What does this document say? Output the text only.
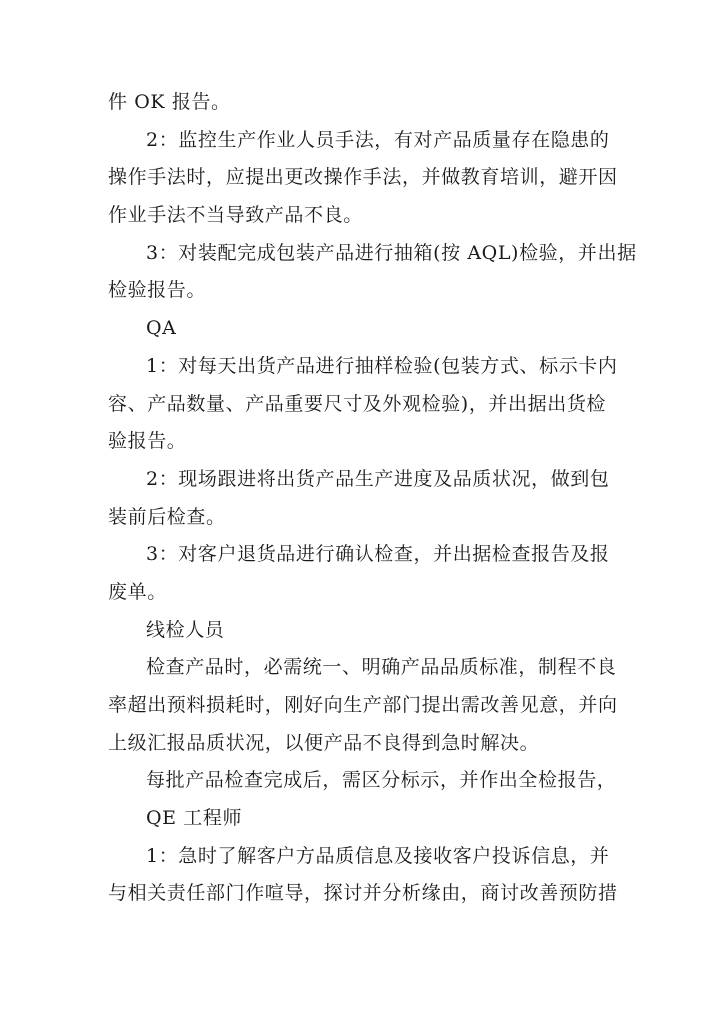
件 OK 报告。
2：监控生产作业人员手法，有对产品质量存在隐患的
操作手法时，应提出更改操作手法，并做教育培训，避开因
作业手法不当导致产品不良。
3：对装配完成包装产品进行抽箱(按 AQL)检验，并出据
检验报告。
QA
1：对每天出货产品进行抽样检验(包装方式、标示卡内
容、产品数量、产品重要尺寸及外观检验)，并出据出货检
验报告。
2：现场跟进将出货产品生产进度及品质状况，做到包
装前后检查。
3：对客户退货品进行确认检查，并出据检查报告及报
废单。
线检人员
检查产品时，必需统一、明确产品品质标准，制程不良
率超出预料损耗时，刚好向生产部门提出需改善见意，并向
上级汇报品质状况，以便产品不良得到急时解决。
每批产品检查完成后，需区分标示，并作出全检报告，
QE 工程师
1：急时了解客户方品质信息及接收客户投诉信息，并
与相关责任部门作喧导，探讨并分析缘由，商讨改善预防措
